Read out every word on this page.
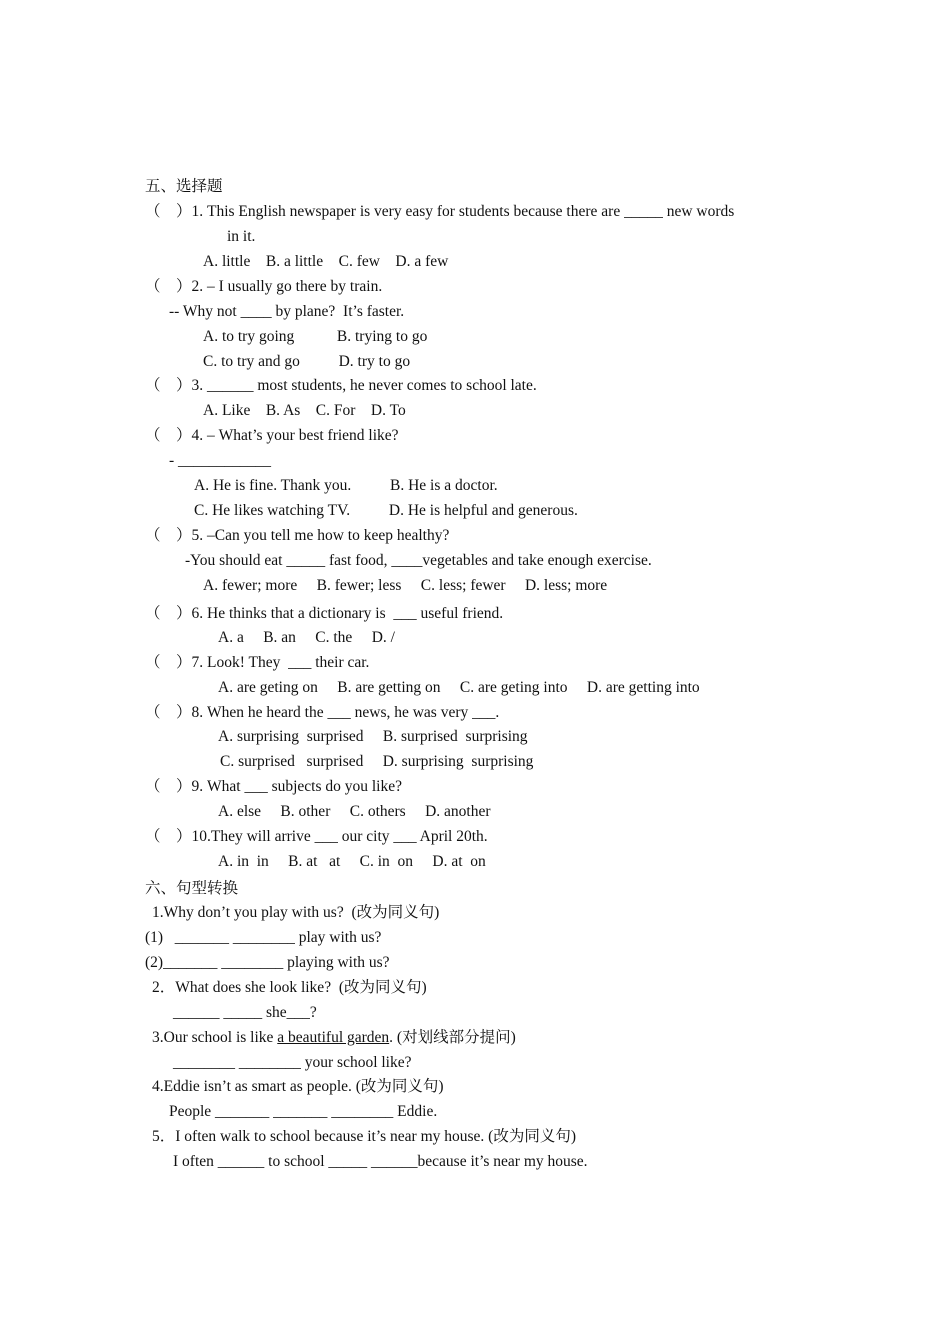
五、选择题
（    ）1. This English newspaper is very easy for students because there are _____ new words
in it.
A. little    B. a little    C. few    D. a few
（    ）2. – I usually go there by train.
-- Why not ____ by plane?  It’s faster.
A. to try going           B. trying to go
C. to try and go          D. try to go
（    ）3. ______ most students, he never comes to school late.
A. Like    B. As    C. For    D. To
（    ）4. – What’s your best friend like?
- ____________
A. He is fine. Thank you.          B. He is a doctor.
C. He likes watching TV.          D. He is helpful and generous.
（    ）5. –Can you tell me how to keep healthy?
-You should eat _____ fast food, ____vegetables and take enough exercise.
A. fewer; more     B. fewer; less     C. less; fewer     D. less; more
（    ）6. He thinks that a dictionary is  ___ useful friend.
A. a     B. an     C. the     D. /
（    ）7. Look! They  ___ their car.
A. are geting on     B. are getting on     C. are geting into     D. are getting into
（    ）8. When he heard the ___ news, he was very ___.
A. surprising  surprised     B. surprised  surprising
C. surprised   surprised     D. surprising  surprising
（    ）9. What ___ subjects do you like?
A. else     B. other     C. others     D. another
（    ）10.They will arrive ___ our city ___ April 20th.
A. in  in     B. at   at     C. in  on     D. at  on
六、句型转换
1.Why don’t you play with us?  (改为同义句)
(1)   _______ ________ play with us?
(2)_______ ________ playing with us?
2．What does she look like?  (改为同义句)
______ _____ she___?
3.Our school is like a beautiful garden. (对划线部分提问)
________ ________ your school like?
4.Eddie isn’t as smart as people. (改为同义句)
People _______ _______ ________ Eddie.
5．I often walk to school because it’s near my house. (改为同义句)
I often ______ to school _____ ______because it’s near my house.
